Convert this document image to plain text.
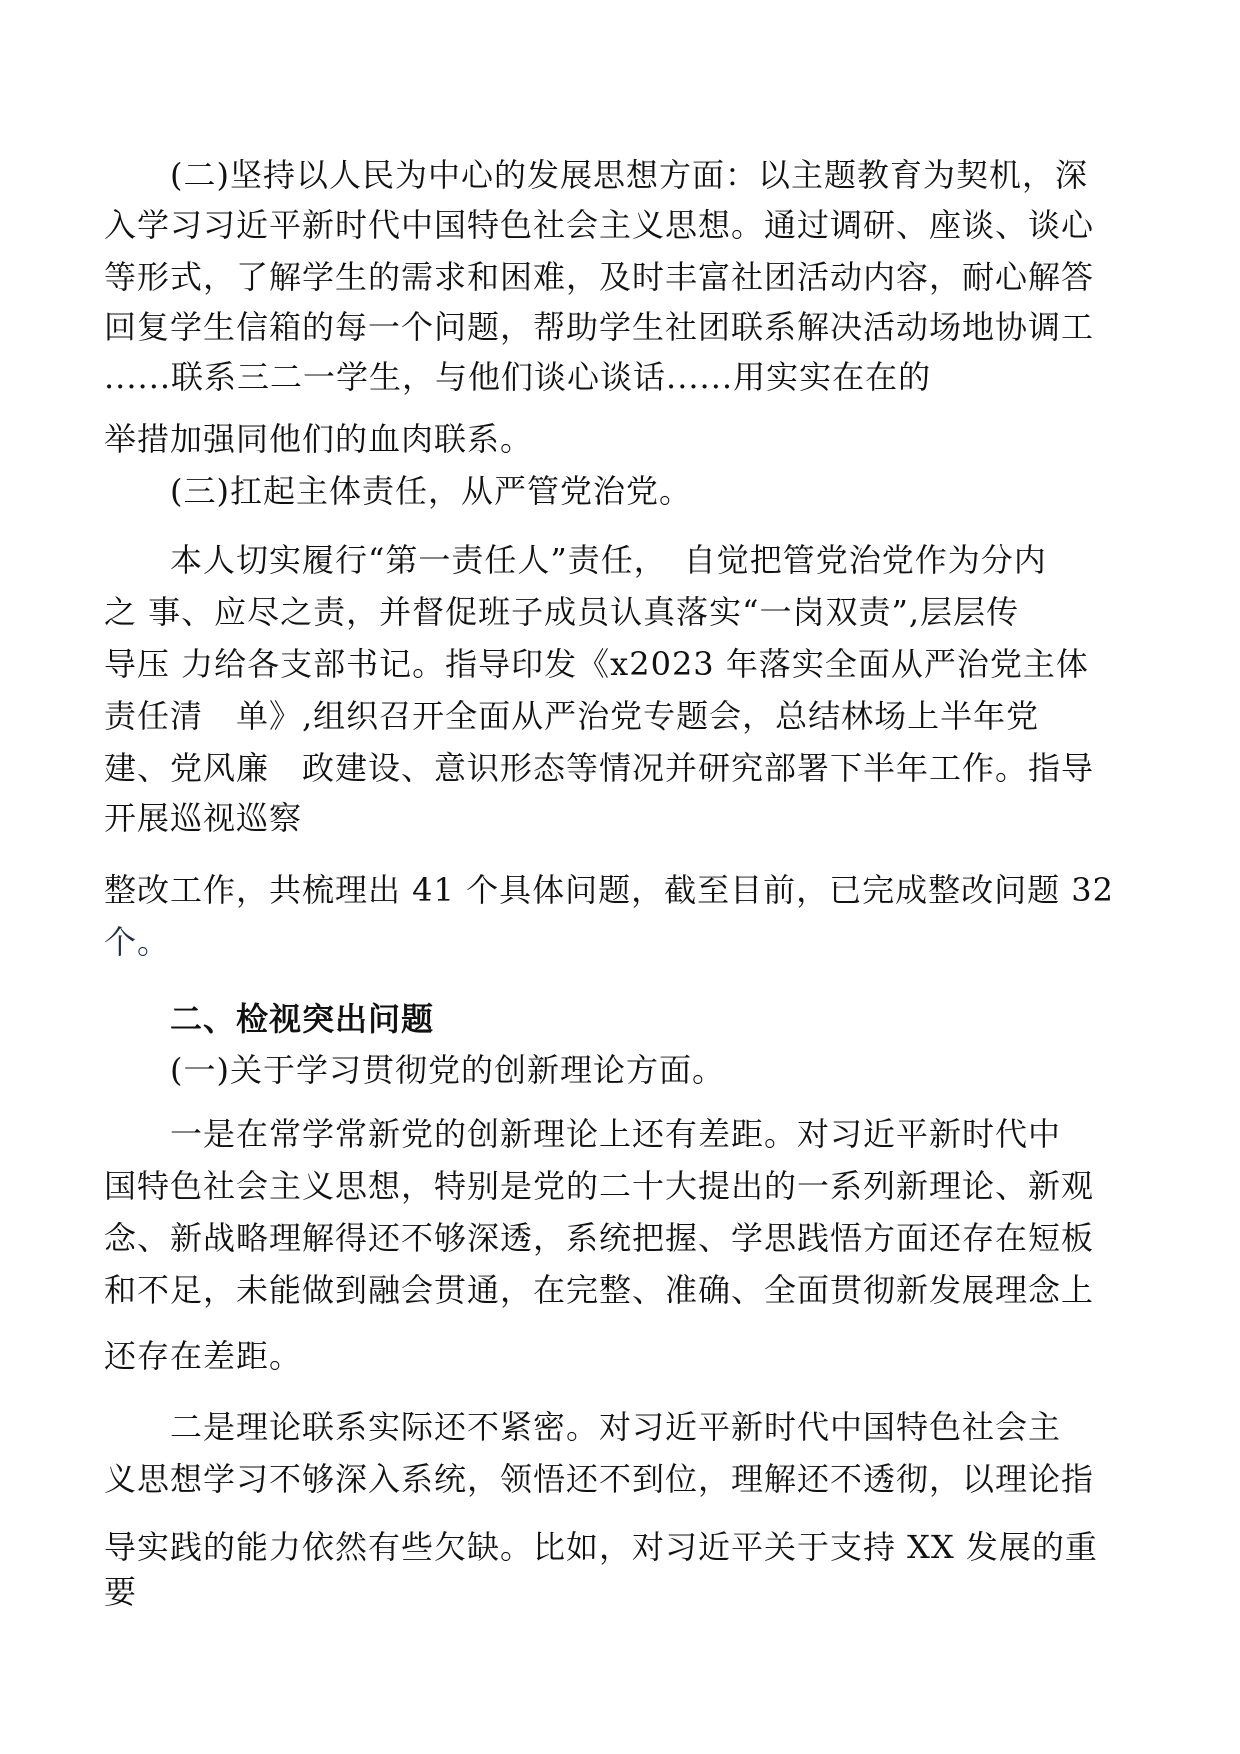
　　(二)坚持以人民为中心的发展思想方面：以主题教育为契机，深
入学习习近平新时代中国特色社会主义思想。通过调研、座谈、谈心
等形式，了解学生的需求和困难，及时丰富社团活动内容，耐心解答
回复学生信箱的每一个问题，帮助学生社团联系解决活动场地协调工
......联系三二一学生，与他们谈心谈话......用实实在在的
举措加强同他们的血肉联系。
　　(三)扛起主体责任，从严管党治党。
　　本人切实履行“第一责任人”责任，　自觉把管党治党作为分内
之 事、应尽之责，并督促班子成员认真落实“一岗双责”,层层传
导压 力给各支部书记。指导印发《x2023 年落实全面从严治党主体
责任清　单》,组织召开全面从严治党专题会，总结林场上半年党
建、党风廉　政建设、意识形态等情况并研究部署下半年工作。指导
开展巡视巡察
整改工作，共梳理出 41 个具体问题，截至目前，已完成整改问题 32
个。
　　二、检视突出问题
　　(一)关于学习贯彻党的创新理论方面。
　　一是在常学常新党的创新理论上还有差距。对习近平新时代中
国特色社会主义思想，特别是党的二十大提出的一系列新理论、新观
念、新战略理解得还不够深透，系统把握、学思践悟方面还存在短板
和不足，未能做到融会贯通，在完整、准确、全面贯彻新发展理念上
还存在差距。
　　二是理论联系实际还不紧密。对习近平新时代中国特色社会主
义思想学习不够深入系统，领悟还不到位，理解还不透彻，以理论指
导实践的能力依然有些欠缺。比如，对习近平关于支持 XX 发展的重
要
